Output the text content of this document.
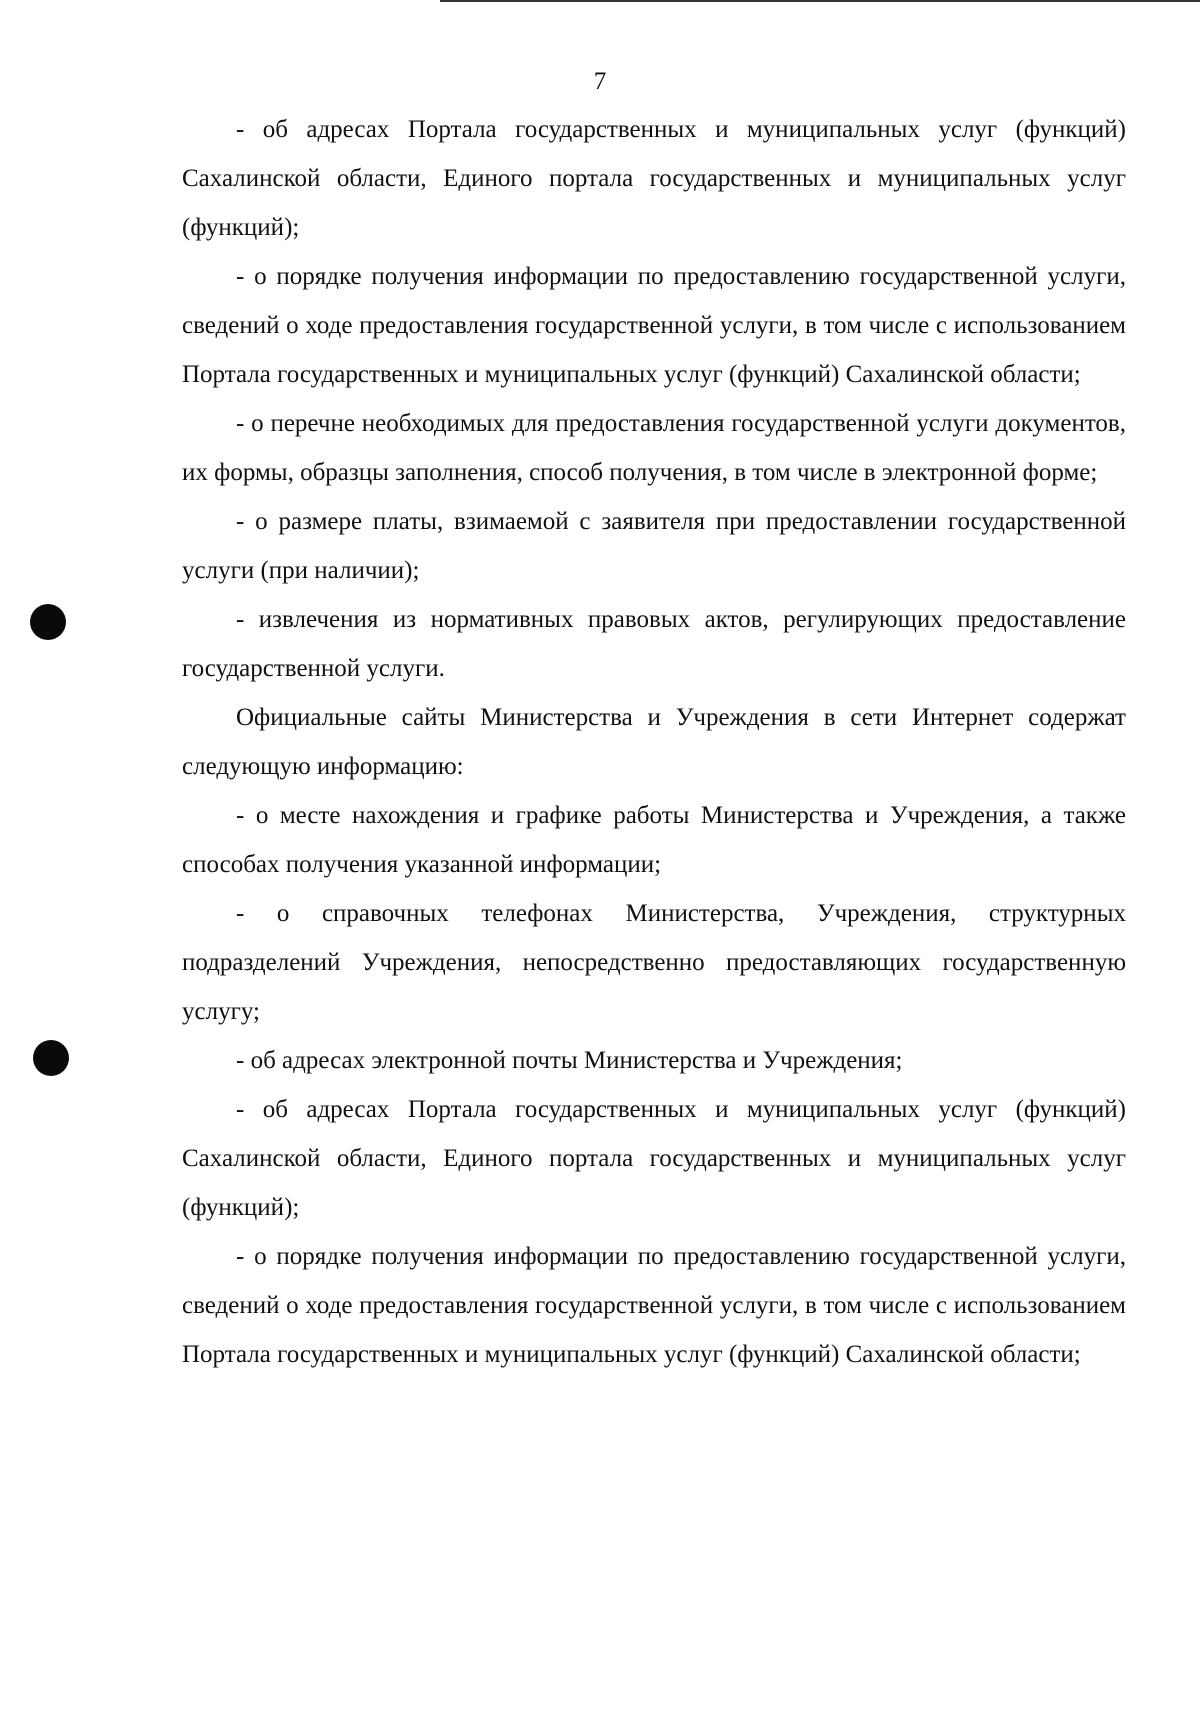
7

- об адресах Портала государственных и муниципальных услуг (функций) Сахалинской области, Единого портала государственных и муниципальных услуг (функций);

- о порядке получения информации по предоставлению государственной услуги, сведений о ходе предоставления государственной услуги, в том числе с использованием Портала государственных и муниципальных услуг (функций) Сахалинской области;

- о перечне необходимых для предоставления государственной услуги документов, их формы, образцы заполнения, способ получения, в том числе в электронной форме;

- о размере платы, взимаемой с заявителя при предоставлении государственной услуги (при наличии);

- извлечения из нормативных правовых актов, регулирующих предоставление государственной услуги.

Официальные сайты Министерства и Учреждения в сети Интернет содержат следующую информацию:

- о месте нахождения и графике работы Министерства и Учреждения, а также способах получения указанной информации;

- о справочных телефонах Министерства, Учреждения, структурных подразделений Учреждения, непосредственно предоставляющих государственную услугу;

- об адресах электронной почты Министерства и Учреждения;

- об адресах Портала государственных и муниципальных услуг (функций) Сахалинской области, Единого портала государственных и муниципальных услуг (функций);

- о порядке получения информации по предоставлению государственной услуги, сведений о ходе предоставления государственной услуги, в том числе с использованием Портала государственных и муниципальных услуг (функций) Сахалинской области;
